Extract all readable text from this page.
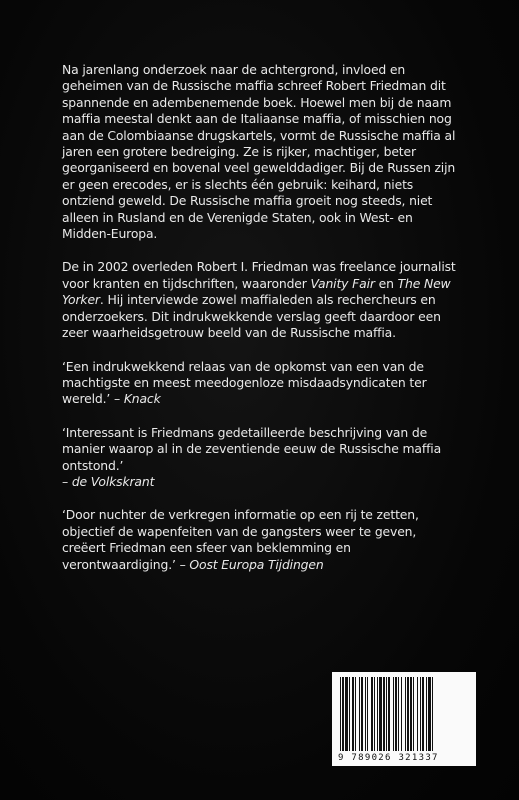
Na jarenlang onderzoek naar de achtergrond, invloed en geheimen van de Russische maffia schreef Robert Friedman dit spannende en adembenemende boek. Hoewel men bij de naam maffia meestal denkt aan de Italiaanse maffia, of misschien nog aan de Colombiaanse drugskartels, vormt de Russische maffia al jaren een grotere bedreiging. Ze is rijker, machtiger, beter georganiseerd en bovenal veel gewelddadiger. Bij de Russen zijn er geen erecodes, er is slechts één gebruik: keihard, niets ontziend geweld. De Russische maffia groeit nog steeds, niet alleen in Rusland en de Verenigde Staten, ook in West- en Midden-Europa.

De in 2002 overleden Robert I. Friedman was freelance journalist voor kranten en tijdschriften, waaronder Vanity Fair en The New Yorker. Hij interviewde zowel maffialeden als rechercheurs en onderzoekers. Dit indrukwekkende verslag geeft daardoor een zeer waarheidsgetrouw beeld van de Russische maffia.

‘Een indrukwekkend relaas van de opkomst van een van de machtigste en meest meedogenloze misdaadsyndicaten ter wereld.’ – Knack

‘Interessant is Friedmans gedetailleerde beschrijving van de manier waarop al in de zeventiende eeuw de Russische maffia ontstond.’
– de Volkskrant

‘Door nuchter de verkregen informatie op een rij te zetten, objectief de wapenfeiten van de gangsters weer te geven, creëert Friedman een sfeer van beklemming en verontwaardiging.’ – Oost Europa Tijdingen

9 789026 321337
